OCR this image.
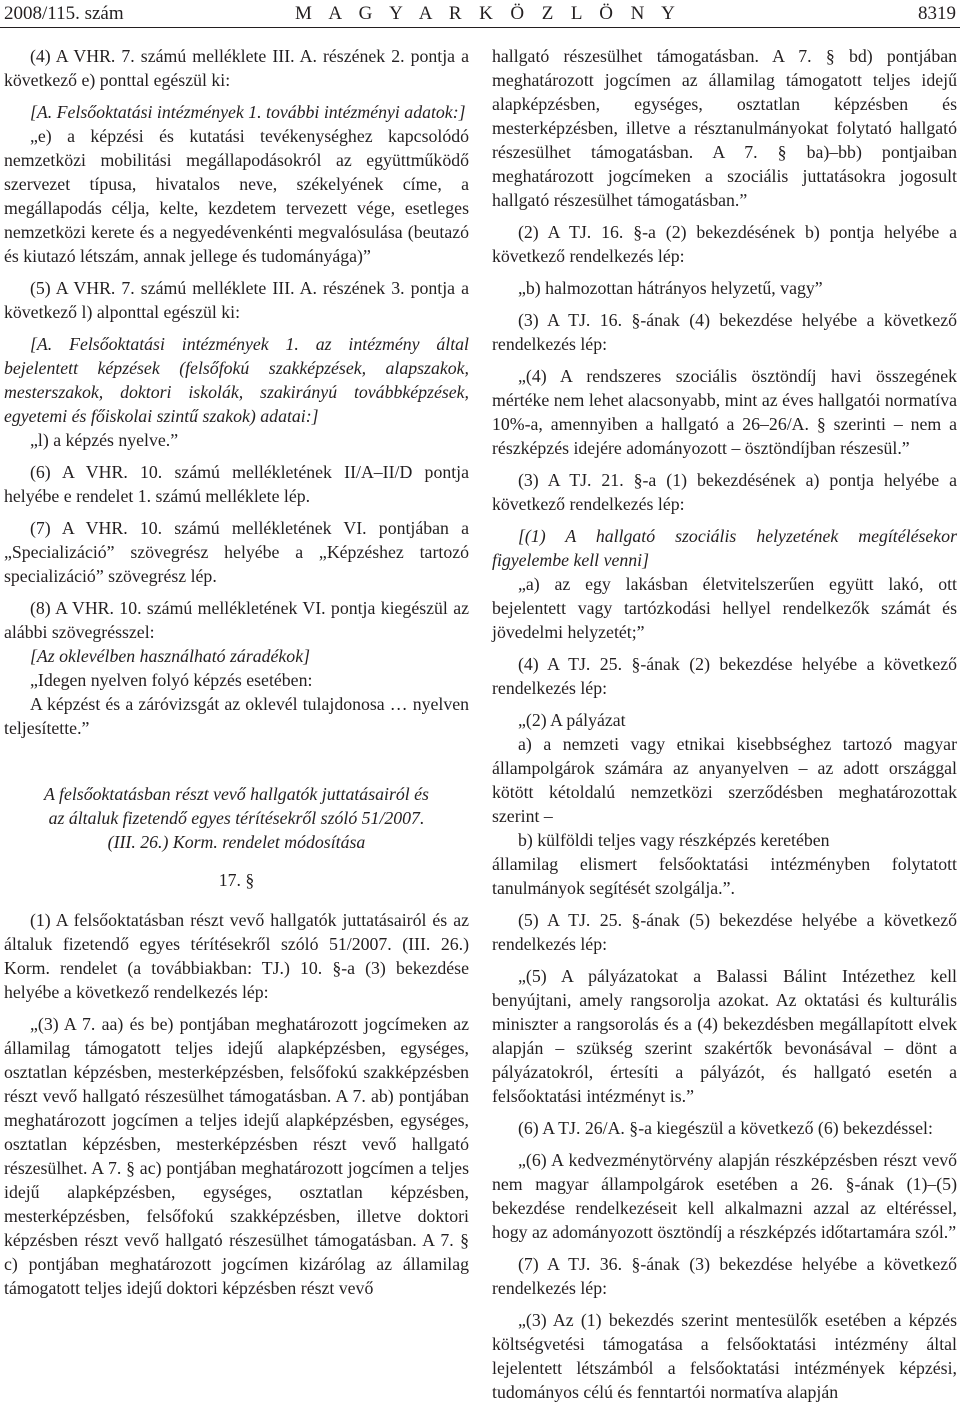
2008/115. szám	M A G Y A R K Ö Z L Ö N Y	8319

(4) A VHR. 7. számú melléklete III. A. részének 2. pontja a következő e) ponttal egészül ki:

[A. Felsőoktatási intézmények 1. további intézményi adatok:]

„e) a képzési és kutatási tevékenységhez kapcsolódó nemzetközi mobilitási megállapodásokról az együttműködő szervezet típusa, hivatalos neve, székelyének címe, a megállapodás célja, kelte, kezdetem tervezett vége, esetleges nemzetközi kerete és a negyedévenkénti megvalósulása (beutazó és kiutazó létszám, annak jellege és tudományága)”

(5) A VHR. 7. számú melléklete III. A. részének 3. pontja a következő l) alponttal egészül ki:

[A. Felsőoktatási intézmények 1. az intézmény által bejelentett képzések (felsőfokú szakképzések, alapszakok, mesterszakok, doktori iskolák, szakirányú továbbképzések, egyetemi és főiskolai szintű szakok) adatai:]

„l) a képzés nyelve.”

(6) A VHR. 10. számú mellékletének II/A–II/D pontja helyébe e rendelet 1. számú melléklete lép.

(7) A VHR. 10. számú mellékletének VI. pontjában a „Specializáció” szövegrész helyébe a „Képzéshez tartozó specializáció” szövegrész lép.

(8) A VHR. 10. számú mellékletének VI. pontja kiegészül az alábbi szövegrésszel:

[Az oklevélben használható záradékok]

„Idegen nyelven folyó képzés esetében:

A képzést és a záróvizsgát az oklevél tulajdonosa … nyelven teljesítette.”

A felsőoktatásban részt vevő hallgatók juttatásairól és az általuk fizetendő egyes térítésekről szóló 51/2007. (III. 26.) Korm. rendelet módosítása

17. §

(1) A felsőoktatásban részt vevő hallgatók juttatásairól és az általuk fizetendő egyes térítésekről szóló 51/2007. (III. 26.) Korm. rendelet (a továbbiakban: TJ.) 10. §-a (3) bekezdése helyébe a következő rendelkezés lép:

„(3) A 7. aa) és be) pontjában meghatározott jogcímeken az államilag támogatott teljes idejű alapképzésben, egységes, osztatlan képzésben, mesterképzésben, felsőfokú szakképzésben részt vevő hallgató részesülhet támogatásban. A 7. ab) pontjában meghatározott jogcímen a teljes idejű alapképzésben, egységes, osztatlan képzésben, mesterképzésben részt vevő hallgató részesülhet. A 7. § ac) pontjában meghatározott jogcímen a teljes idejű alapképzésben, egységes, osztatlan képzésben, mesterképzésben, felsőfokú szakképzésben, illetve doktori képzésben részt vevő hallgató részesülhet támogatásban. A 7. § c) pontjában meghatározott jogcímen kizárólag az államilag támogatott teljes idejű doktori képzésben részt vevő

hallgató részesülhet támogatásban. A 7. § bd) pontjában meghatározott jogcímen az államilag támogatott teljes idejű alapképzésben, egységes, osztatlan képzésben és mesterképzésben, illetve a résztanulmányokat folytató hallgató részesülhet támogatásban. A 7. § ba)–bb) pontjaiban meghatározott jogcímeken a szociális juttatásokra jogosult hallgató részesülhet támogatásban.”

(2) A TJ. 16. §-a (2) bekezdésének b) pontja helyébe a következő rendelkezés lép:

„b) halmozottan hátrányos helyzetű, vagy”

(3) A TJ. 16. §-ának (4) bekezdése helyébe a következő rendelkezés lép:

„(4) A rendszeres szociális ösztöndíj havi összegének mértéke nem lehet alacsonyabb, mint az éves hallgatói normatíva 10%-a, amennyiben a hallgató a 26–26/A. § szerinti – nem a részképzés idejére adományozott – ösztöndíjban részesül.”

(3) A TJ. 21. §-a (1) bekezdésének a) pontja helyébe a következő rendelkezés lép:

[(1) A hallgató szociális helyzetének megítélésekor figyelembe kell venni]

„a) az egy lakásban életvitelszerűen együtt lakó, ott bejelentett vagy tartózkodási hellyel rendelkezők számát és jövedelmi helyzetét;”

(4) A TJ. 25. §-ának (2) bekezdése helyébe a következő rendelkezés lép:

„(2) A pályázat

a) a nemzeti vagy etnikai kisebbséghez tartozó magyar állampolgárok számára az anyanyelven – az adott országgal kötött kétoldalú nemzetközi szerződésben meghatározottak szerint –

b) külföldi teljes vagy részképzés keretében

államilag elismert felsőoktatási intézményben folytatott tanulmányok segítését szolgálja.”.

(5) A TJ. 25. §-ának (5) bekezdése helyébe a következő rendelkezés lép:

„(5) A pályázatokat a Balassi Bálint Intézethez kell benyújtani, amely rangsorolja azokat. Az oktatási és kulturális miniszter a rangsorolás és a (4) bekezdésben megállapított elvek alapján – szükség szerint szakértők bevonásával – dönt a pályázatokról, értesíti a pályázót, és hallgató esetén a felsőoktatási intézményt is.”

(6) A TJ. 26/A. §-a kiegészül a következő (6) bekezdéssel:

„(6) A kedvezménytörvény alapján részképzésben részt vevő nem magyar állampolgárok esetében a 26. §-ának (1)–(5) bekezdése rendelkezéseit kell alkalmazni azzal az eltéréssel, hogy az adományozott ösztöndíj a részképzés időtartamára szól.”

(7) A TJ. 36. §-ának (3) bekezdése helyébe a következő rendelkezés lép:

„(3) Az (1) bekezdés szerint mentesülők esetében a képzés költségvetési támogatása a felsőoktatási intézmény által lejelentett létszámból a felsőoktatási intézmények képzési, tudományos célú és fenntartói normatíva alapján
